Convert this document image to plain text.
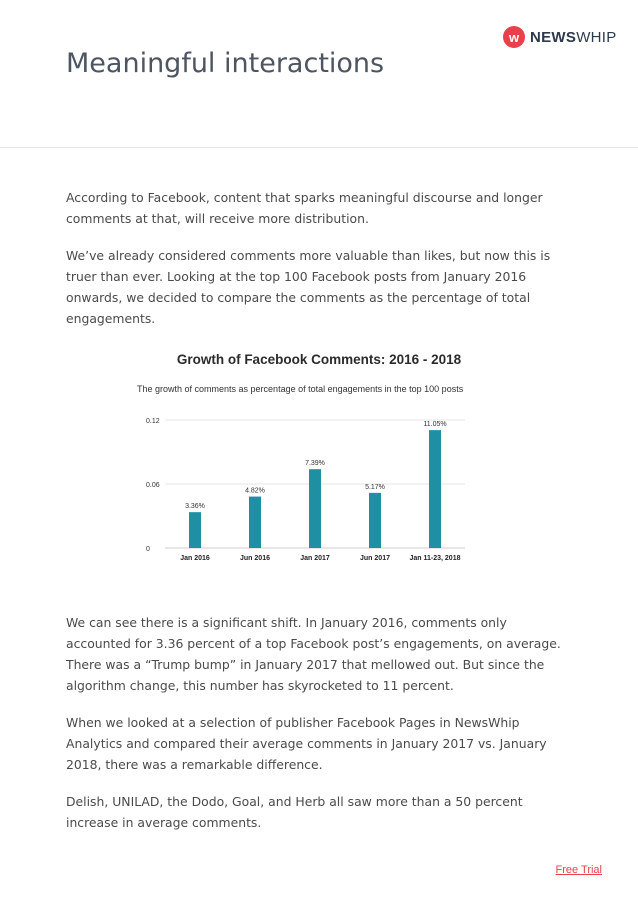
w NEWSWHIP
Meaningful interactions

According to Facebook, content that sparks meaningful discourse and longer comments at that, will receive more distribution.

We’ve already considered comments more valuable than likes, but now this is truer than ever. Looking at the top 100 Facebook posts from January 2016 onwards, we decided to compare the comments as the percentage of total engagements.

Growth of Facebook Comments: 2016 - 2018
The growth of comments as percentage of total engagements in the top 100 posts
0
0.06
0.12
3.36%
Jan 2016
4.82%
Jun 2016
7.39%
Jan 2017
5.17%
Jun 2017
11.05%
Jan 11-23, 2018

We can see there is a significant shift. In January 2016, comments only accounted for 3.36 percent of a top Facebook post’s engagements, on average. There was a “Trump bump” in January 2017 that mellowed out. But since the algorithm change, this number has skyrocketed to 11 percent.

When we looked at a selection of publisher Facebook Pages in NewsWhip Analytics and compared their average comments in January 2017 vs. January 2018, there was a remarkable difference.

Delish, UNILAD, the Dodo, Goal, and Herb all saw more than a 50 percent increase in average comments.

Free Trial
